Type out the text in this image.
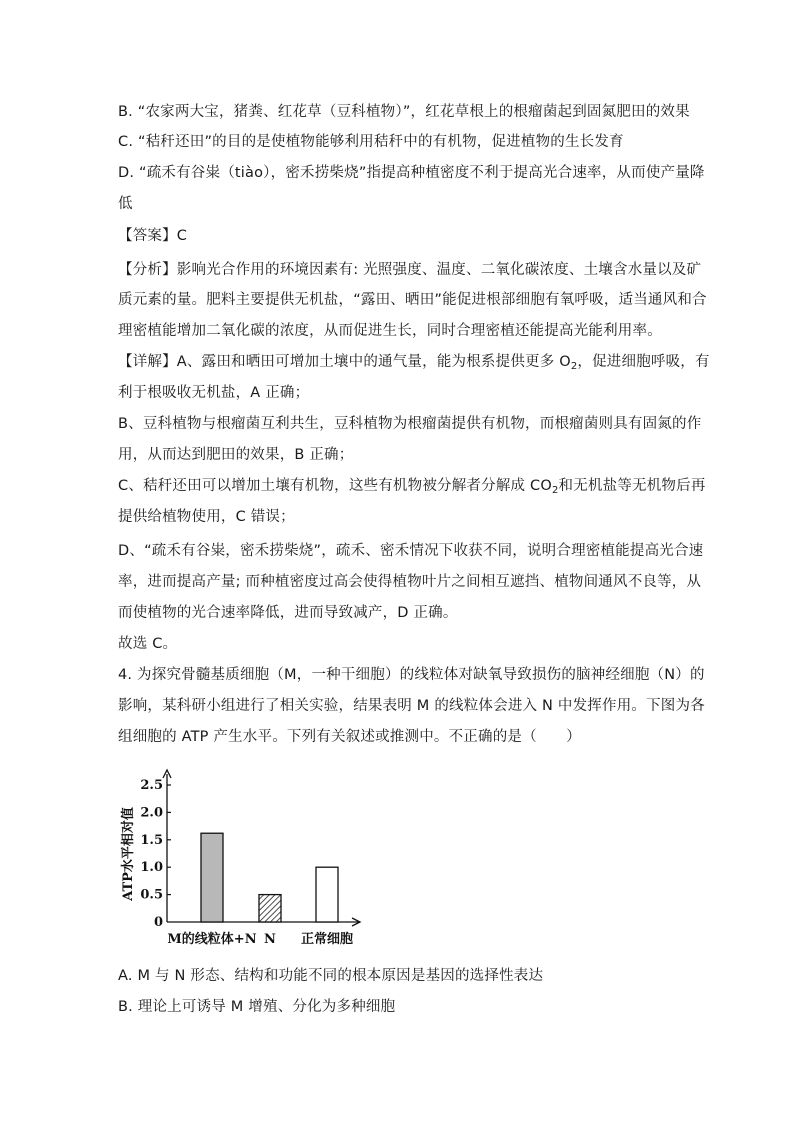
B. “农家两大宝，猪粪、红花草（豆科植物）”，红花草根上的根瘤菌起到固氮肥田的效果
C. “秸秆还田”的目的是使植物能够利用秸秆中的有机物，促进植物的生长发育
D. “疏禾有谷粜（tiào），密禾捞柴烧”指提高种植密度不利于提高光合速率，从而使产量降
低
【答案】C
【分析】影响光合作用的环境因素有: 光照强度、温度、二氧化碳浓度、土壤含水量以及矿
质元素的量。肥料主要提供无机盐，“露田、晒田”能促进根部细胞有氧呼吸，适当通风和合
理密植能增加二氧化碳的浓度，从而促进生长，同时合理密植还能提高光能利用率。
【详解】A、露田和晒田可增加土壤中的通气量，能为根系提供更多 $O_2$，促进细胞呼吸，有
利于根吸收无机盐，A 正确；
B、豆科植物与根瘤菌互利共生，豆科植物为根瘤菌提供有机物，而根瘤菌则具有固氮的作
用，从而达到肥田的效果，B 正确；
C、秸秆还田可以增加土壤有机物，这些有机物被分解者分解成 $CO_2$和无机盐等无机物后再
提供给植物使用，C 错误；
D、“疏禾有谷粜，密禾捞柴烧”，疏禾、密禾情况下收获不同，说明合理密植能提高光合速
率，进而提高产量; 而种植密度过高会使得植物叶片之间相互遮挡、植物间通风不良等，从
而使植物的光合速率降低，进而导致减产，D 正确。
故选 C。
4. 为探究骨髓基质细胞（M，一种干细胞）的线粒体对缺氧导致损伤的脑神经细胞（N）的
影响，某科研小组进行了相关实验，结果表明 M 的线粒体会进入 N 中发挥作用。下图为各
组细胞的 ATP 产生水平。下列有关叙述或推测中。不正确的是（　　）
0
0.5
1.0
1.5
2.0
2.5
ATP水平相对值
M的线粒体+N N 正常细胞
A. M 与 N 形态、结构和功能不同的根本原因是基因的选择性表达
B. 理论上可诱导 M 增殖、分化为多种细胞
